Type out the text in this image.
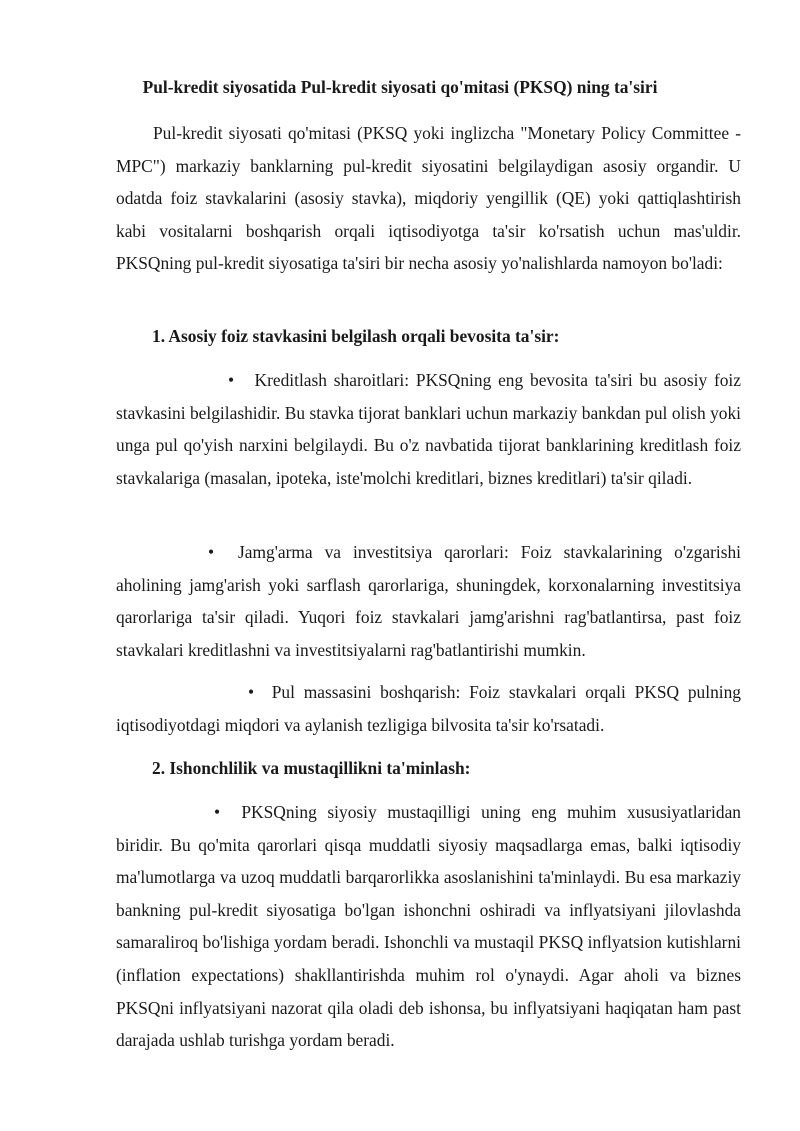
Pul-kredit siyosatida Pul-kredit siyosati qo'mitasi (PKSQ) ning ta'siri

Pul-kredit siyosati qo'mitasi (PKSQ yoki inglizcha "Monetary Policy Committee - MPC") markaziy banklarning pul-kredit siyosatini belgilaydigan asosiy organdir. U odatda foiz stavkalarini (asosiy stavka), miqdoriy yengillik (QE) yoki qattiqlashtirish kabi vositalarni boshqarish orqali iqtisodiyotga ta'sir ko'rsatish uchun mas'uldir. PKSQning pul-kredit siyosatiga ta'siri bir necha asosiy yo'nalishlarda namoyon bo'ladi:

1. Asosiy foiz stavkasini belgilash orqali bevosita ta'sir:

• Kreditlash sharoitlari: PKSQning eng bevosita ta'siri bu asosiy foiz stavkasini belgilashidir. Bu stavka tijorat banklari uchun markaziy bankdan pul olish yoki unga pul qo'yish narxini belgilaydi. Bu o'z navbatida tijorat banklarining kreditlash foiz stavkalariga (masalan, ipoteka, iste'molchi kreditlari, biznes kreditlari) ta'sir qiladi.

• Jamg'arma va investitsiya qarorlari: Foiz stavkalarining o'zgarishi aholining jamg'arish yoki sarflash qarorlariga, shuningdek, korxonalarning investitsiya qarorlariga ta'sir qiladi. Yuqori foiz stavkalari jamg'arishni rag'batlantirsa, past foiz stavkalari kreditlashni va investitsiyalarni rag'batlantirishi mumkin.

• Pul massasini boshqarish: Foiz stavkalari orqali PKSQ pulning iqtisodiyotdagi miqdori va aylanish tezligiga bilvosita ta'sir ko'rsatadi.

2. Ishonchlilik va mustaqillikni ta'minlash:

• PKSQning siyosiy mustaqilligi uning eng muhim xususiyatlaridan biridir. Bu qo'mita qarorlari qisqa muddatli siyosiy maqsadlarga emas, balki iqtisodiy ma'lumotlarga va uzoq muddatli barqarorlikka asoslanishini ta'minlaydi. Bu esa markaziy bankning pul-kredit siyosatiga bo'lgan ishonchni oshiradi va inflyatsiyani jilovlashda samaraliroq bo'lishiga yordam beradi. Ishonchli va mustaqil PKSQ inflyatsion kutishlarni (inflation expectations) shakllantirishda muhim rol o'ynaydi. Agar aholi va biznes PKSQni inflyatsiyani nazorat qila oladi deb ishonsa, bu inflyatsiyani haqiqatan ham past darajada ushlab turishga yordam beradi.
